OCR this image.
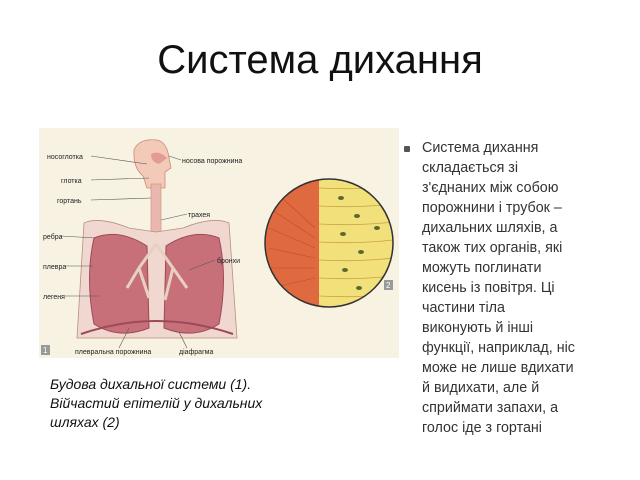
Система дихання
носоглотка
носова порожнина
глотка
гортань
трахея
ребра
плевра
бронхи
легеня
плевральна порожнина	діафрагма
1
2
Будова дихальної системи (1).
Війчастий епітелій у дихальних
шляхах (2)
Система дихання
складається зі
з'єднаних між собою
порожнини і трубок –
дихальних шляхів, а
також тих органів, які
можуть поглинати
кисень із повітря. Ці
частини тіла
виконують й інші
функції, наприклад, ніс
може не лише вдихати
й видихати, але й
сприймати запахи, а
голос іде з гортані
